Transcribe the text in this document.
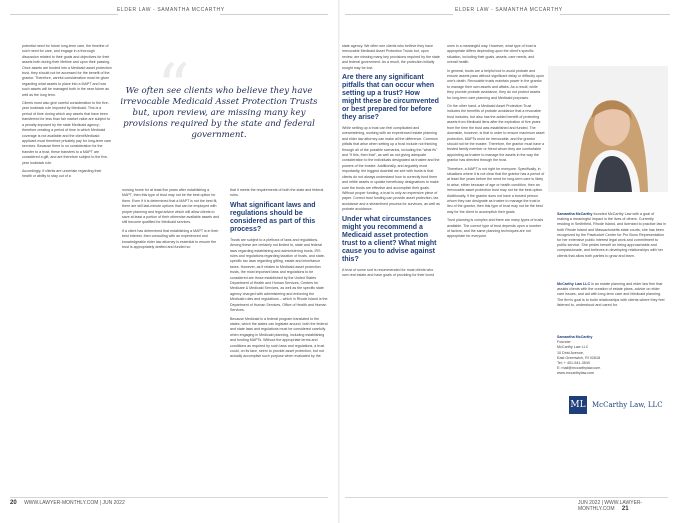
ELDER LAW - SAMANTHA MCCARTHY

potential need for future long-term care, the timeline of such need for care, and engage in a thorough discussion related to their goals and objectives for their assets both during their lifetime and upon their passing. Once assets are funded into a Medicaid asset protection trust, they should not be accessed for the benefit of the grantor. Therefore, careful consideration must be given regarding what assets to place into a MAPT and how such assets will be managed both in the near future as well as the long term.

Clients must also give careful consideration to the five-year lookback rule imposed by Medicaid. This is a period of time during which any assets that have been transferred for less than fair market value are subject to a penalty imposed by the state Medicaid agency; therefore creating a period of time in which Medicaid coverage is not available and the client/Medicaid applicant must therefore privately pay for long-term care services. Because there is no consideration for the transfer to a trust, these transfers to a MAPT are considered a gift, and are therefore subject to the five-year lookback rule.

Accordingly, if clients are uncertain regarding their health or ability to stay out of a

“
We often see clients who believe they have irrevocable Medicaid Asset Protection Trusts but, upon review, are missing many key provisions required by the state and federal government.

nursing home for at least five years after establishing a MAPT, then this type of trust may not be the best option for them. Even if it is determined that a MAPT is not the best fit, there are still last-minute options that can be employed with proper planning and legal advice which will allow clients to save at least a portion of their otherwise available assets and still become qualified for Medicaid services.

If a client has determined that establishing a MAPT is in their best interest, then consulting with an experienced and knowledgeable elder law attorney is essential to ensure the trust is appropriately drafted and funded so

that it meets the requirements of both the state and federal rules.

What significant laws and regulations should be considered as part of this process?

Trusts are subject to a plethora of laws and regulations. Among these are certainly not limited to, state and federal laws regarding establishing and administering trusts, IRS rules and regulations regarding taxation of trusts, and state-specific tax laws regarding gifting, estate and inheritance taxes. However, as it relates to Medicaid asset protection trusts, the most important laws and regulations to be considered are those established by the United States Department of Health and Human Services, Centers for Medicare & Medicaid Services, as well as the specific state agency charged with administering and enforcing the Medicaid rules and regulations – which in Rhode Island is the Department of Human Services, Office of Health and Human Services.

Because Medicaid is a federal program translated to the states, which the states can legislate around, both the federal and state laws and regulations must be considered carefully when engaging in Medicaid planning, including establishing and funding MAPTs. Without the appropriate terms and conditions as required by such laws and regulations, a trust could, on its face, seem to provide asset protection, but not actually accomplish such purpose when evaluated by the

ELDER LAW - SAMANTHA MCCARTHY

state agency. We often see clients who believe they have irrevocable Medicaid Asset Protection Trusts but, upon review, are missing many key provisions required by the state and federal government. As a result, the protection initially sought may be lost.

Are there any significant pitfalls that can occur when setting up a trust? How might these be circumvented or best prepared for before they arise?

While setting up a trust can feel complicated and overwhelming, working with an experienced estate planning and elder law attorney can make all the difference. Common pitfalls that arise when setting up a trust include not thinking through all of the possible scenarios, including the "what ifs" and "if this, then that", as well as not giving adequate consideration to the individuals designated as trustee and the powers of the trustee. Additionally, and arguably most importantly, the biggest downfall we see with trusts is that clients do not always understand how to correctly fund them and retitle assets or update beneficiary designations to make sure the trusts are effective and accomplish their goals. Without proper funding, a trust is only an expensive piece of paper. Correct trust funding can provide asset protection, tax avoidance and a streamlined process for survivors, as well as probate avoidance.

Under what circumstances might you recommend a Medicaid asset protection trust to a client? What might cause you to advise against this?

A trust of some sort is recommended for most clients who own real estate and have goals of providing for their loved

ones in a meaningful way. However, what type of trust is appropriate differs depending upon the client's specific situation, including their goals, assets, care needs, and overall health.

In general, trusts are a helpful tool to avoid probate and ensure assets pass without significant delay or difficulty upon one's death. Revocable trusts maintain power in the grantor to manage their own assets and affairs. As a result, while they provide probate avoidance, they do not protect assets for long-term care planning and Medicaid purposes.

On the other hand, a Medicaid Asset Protection Trust includes the benefits of probate avoidance that a revocable trust includes, but also has the added benefit of protecting assets from Medicaid liens after the expiration of five years from the time the trust was established and funded. The downside, however, is that in order to ensure maximum asset protection, MAPTs must be irrevocable, and the grantor should not be the trustee. Therefore, the grantor must have a trusted family member or friend whom they are comfortable appointing as trustee to manage the assets in the way the grantor has directed through the trust.

Therefore, a MAPT is not right for everyone. Specifically, in situations where it is not clear that the grantor has a period of at least five years before the need for long-term care is likely to arise, either because of age or health condition, then an irrevocable asset protection trust may not be the best option. Additionally, if the grantor does not have a trusted person whom they can designate as trustee to manage the trust in lieu of the grantor, then this type of trust may not be the best way for the client to accomplish their goals.

Trust planning is complex and there are many types of trusts available. The correct type of trust depends upon a number of factors, and the same planning techniques are not appropriate for everyone.

Samantha McCarthy founded McCarthy Law with a goal of making a meaningful impact in the lives of others. Currently residing in Smithfield, Rhode Island, and licensed to practice law in both Rhode Island and Massachusetts state courts, she has been recognized by the Pawtucket Center for Pro Bono Representation for her extensive public interest legal work and commitment to public service. She prides herself on being approachable and compassionate, and believes in developing relationships with her clients that allow both parties to grow and learn.
McCarthy Law LLC is an estate planning and elder law firm that assists clients with the creation of estate plans, advice on elder care issues, and aid with long-term care and Medicaid planning. The firm's goal is to build relationships with clients where they feel listened to, understood and cared for.
Samantha McCarthy
Founder
McCarthy Law LLC
10 Drist Avenue,
East Greenwich, RI 02818
Tel: + 401-541-3540
E: mail@mccarthylaw.com
www.mccarthylaw.com
ML McCarthy Law, LLC
20 WWW.LAWYER-MONTHLY.COM | JUN 2022	JUN 2022 | WWW.LAWYER-MONTHLY.COM 21
